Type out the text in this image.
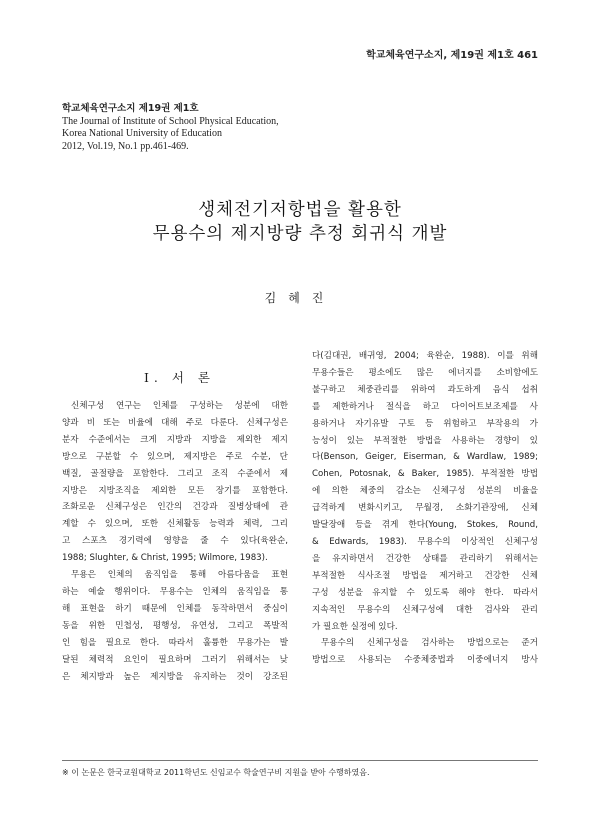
학교체육연구소지, 제19권 제1호 461
학교체육연구소지 제19권 제1호
The Journal of Institute of School Physical Education,
Korea National University of Education
2012, Vol.19, No.1 pp.461-469.
생체전기저항법을 활용한
무용수의 제지방량 추정 회귀식 개발
김혜진
Ⅰ. 서 론
신체구성 연구는 인체를 구성하는 성분에 대한
양과 비 또는 비율에 대해 주로 다룬다. 신체구성은
분자 수준에서는 크게 지방과 지방을 제외한 제지
방으로 구분할 수 있으며, 제지방은 주로 수분, 단
백질, 골절량을 포함한다. 그리고 조직 수준에서 제
지방은 지방조직을 제외한 모든 장기를 포함한다.
조화로운 신체구성은 인간의 건강과 질병상태에 관
계할 수 있으며, 또한 신체활동 능력과 체력, 그리
고 스포츠 경기력에 영향을 줄 수 있다(육완순,
1988; Slughter, & Christ, 1995; Wilmore, 1983).
무용은 인체의 움직임을 통해 아름다움을 표현
하는 예술 행위이다. 무용수는 인체의 움직임을 통
해 표현을 하기 때문에 인체를 동작하면서 중심이
동을 위한 민첩성, 평행성, 유연성, 그리고 폭발적
인 힘을 필요로 한다. 따라서 훌륭한 무용가는 발
달된 체력적 요인이 필요하며 그러기 위해서는 낮
은 체지방과 높은 제지방을 유지하는 것이 강조된
다(김대권, 배귀영, 2004; 육완순, 1988). 이를 위해
무용수들은 평소에도 많은 에너지를 소비함에도
불구하고 체중관리를 위하여 과도하게 음식 섭취
를 제한하거나 절식을 하고 다이어트보조제를 사
용하거나 자기유발 구토 등 위험하고 부작용의 가
능성이 있는 부적절한 방법을 사용하는 경향이 있
다(Benson, Geiger, Eiserman, & Wardlaw, 1989;
Cohen, Potosnak, & Baker, 1985). 부적절한 방법
에 의한 체중의 감소는 신체구성 성분의 비율을
급격하게 변화시키고, 무월경, 소화기관장애, 신체
발달장애 등을 겪게 한다(Young, Stokes, Round,
& Edwards, 1983). 무용수의 이상적인 신체구성
을 유지하면서 건강한 상태를 관리하기 위해서는
부적절한 식사조절 방법을 제거하고 건강한 신체
구성 성분을 유지할 수 있도록 해야 한다. 따라서
지속적인 무용수의 신체구성에 대한 검사와 관리
가 필요한 실정에 있다.
무용수의 신체구성을 검사하는 방법으로는 준거
방법으로 사용되는 수중체중법과 이중에너지 방사
※ 이 논문은 한국교원대학교 2011학년도 신임교수 학술연구비 지원을 받아 수행하였음.
